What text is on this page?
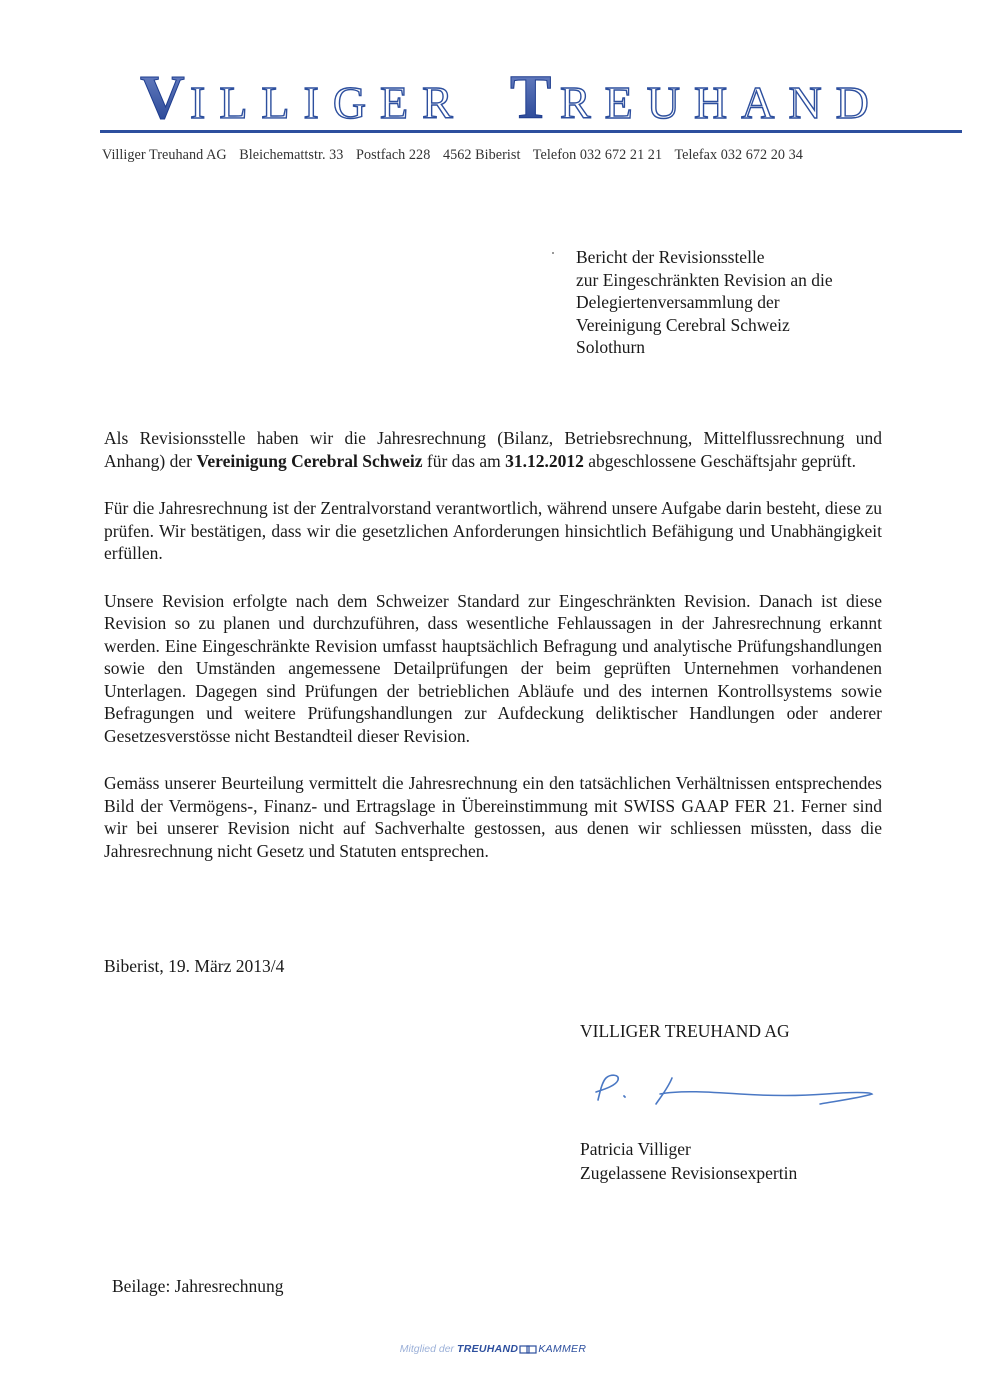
V ILLIGER T REUHAND
Villiger Treuhand AG Bleichemattstr. 33 Postfach 228 4562 Biberist Telefon 032 672 21 21 Telefax 032 672 20 34
Bericht der Revisionsstelle
zur Eingeschränkten Revision an die
Delegiertenversammlung der
Vereinigung Cerebral Schweiz
Solothurn

Als Revisionsstelle haben wir die Jahresrechnung (Bilanz, Betriebsrechnung, Mittelflussrechnung und Anhang) der Vereinigung Cerebral Schweiz für das am 31.12.2012 abgeschlossene Geschäftsjahr geprüft.

Für die Jahresrechnung ist der Zentralvorstand verantwortlich, während unsere Aufgabe darin besteht, diese zu prüfen. Wir bestätigen, dass wir die gesetzlichen Anforderungen hinsichtlich Befähigung und Unabhängigkeit erfüllen.

Unsere Revision erfolgte nach dem Schweizer Standard zur Eingeschränkten Revision. Danach ist diese Revision so zu planen und durchzuführen, dass wesentliche Fehlaussagen in der Jahresrechnung erkannt werden. Eine Eingeschränkte Revision umfasst hauptsächlich Befragung und analytische Prüfungshandlungen sowie den Umständen angemessene Detailprüfungen der beim geprüften Unternehmen vorhandenen Unterlagen. Dagegen sind Prüfungen der betrieblichen Abläufe und des internen Kontrollsystems sowie Befragungen und weitere Prüfungshandlungen zur Aufdeckung deliktischer Handlungen oder anderer Gesetzesverstösse nicht Bestandteil dieser Revision.

Gemäss unserer Beurteilung vermittelt die Jahresrechnung ein den tatsächlichen Verhältnissen entsprechendes Bild der Vermögens-, Finanz- und Ertragslage in Übereinstimmung mit SWISS GAAP FER 21. Ferner sind wir bei unserer Revision nicht auf Sachverhalte gestossen, aus denen wir schliessen müssten, dass die Jahresrechnung nicht Gesetz und Statuten entsprechen.

Biberist, 19. März 2013/4
VILLIGER TREUHAND AG
Patricia Villiger
Zugelassene Revisionsexpertin
Beilage: Jahresrechnung
Mitglied der TREUHAND KAMMER
